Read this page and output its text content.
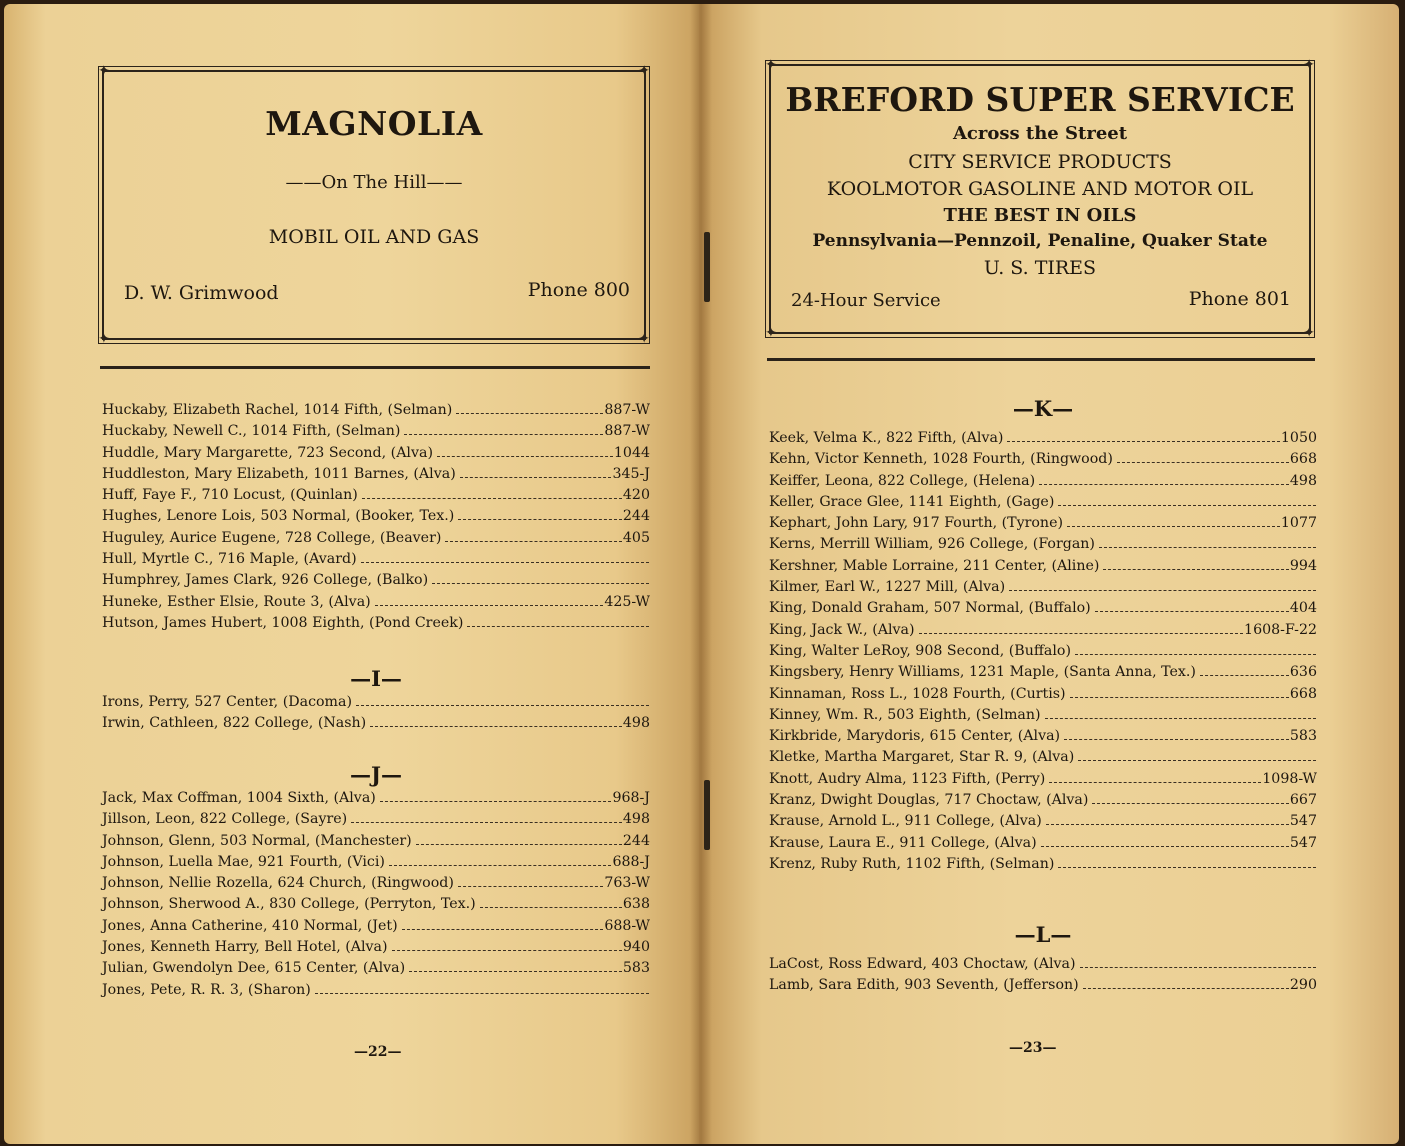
✦	✦
✦	✦
MAGNOLIA
——On The Hill——
MOBIL OIL AND GAS
D. W. Grimwood	Phone 800
Huckaby, Elizabeth Rachel, 1014 Fifth, (Selman)	887-W
Huckaby, Newell C., 1014 Fifth, (Selman)	887-W
Huddle, Mary Margarette, 723 Second, (Alva)	1044
Huddleston, Mary Elizabeth, 1011 Barnes, (Alva)	345-J
Huff, Faye F., 710 Locust, (Quinlan)	420
Hughes, Lenore Lois, 503 Normal, (Booker, Tex.)	244
Huguley, Aurice Eugene, 728 College, (Beaver)	405
Hull, Myrtle C., 716 Maple, (Avard)
Humphrey, James Clark, 926 College, (Balko)
Huneke, Esther Elsie, Route 3, (Alva)	425-W
Hutson, James Hubert, 1008 Eighth, (Pond Creek)
—I—
Irons, Perry, 527 Center, (Dacoma)
Irwin, Cathleen, 822 College, (Nash)	498
—J—
Jack, Max Coffman, 1004 Sixth, (Alva)	968-J
Jillson, Leon, 822 College, (Sayre)	498
Johnson, Glenn, 503 Normal, (Manchester)	244
Johnson, Luella Mae, 921 Fourth, (Vici)	688-J
Johnson, Nellie Rozella, 624 Church, (Ringwood)	763-W
Johnson, Sherwood A., 830 College, (Perryton, Tex.)	638
Jones, Anna Catherine, 410 Normal, (Jet)	688-W
Jones, Kenneth Harry, Bell Hotel, (Alva)	940
Julian, Gwendolyn Dee, 615 Center, (Alva)	583
Jones, Pete, R. R. 3, (Sharon)
—22—
✦	✦
✦	✦
BREFORD SUPER SERVICE
Across the Street
CITY SERVICE PRODUCTS
KOOLMOTOR GASOLINE AND MOTOR OIL
THE BEST IN OILS
Pennsylvania—Pennzoil, Penaline, Quaker State
U. S. TIRES
24-Hour Service	Phone 801
—K—
Keek, Velma K., 822 Fifth, (Alva)	1050
Kehn, Victor Kenneth, 1028 Fourth, (Ringwood)	668
Keiffer, Leona, 822 College, (Helena)	498
Keller, Grace Glee, 1141 Eighth, (Gage)
Kephart, John Lary, 917 Fourth, (Tyrone)	1077
Kerns, Merrill William, 926 College, (Forgan)
Kershner, Mable Lorraine, 211 Center, (Aline)	994
Kilmer, Earl W., 1227 Mill, (Alva)
King, Donald Graham, 507 Normal, (Buffalo)	404
King, Jack W., (Alva)	1608-F-22
King, Walter LeRoy, 908 Second, (Buffalo)
Kingsbery, Henry Williams, 1231 Maple, (Santa Anna, Tex.)	636
Kinnaman, Ross L., 1028 Fourth, (Curtis)	668
Kinney, Wm. R., 503 Eighth, (Selman)
Kirkbride, Marydoris, 615 Center, (Alva)	583
Kletke, Martha Margaret, Star R. 9, (Alva)
Knott, Audry Alma, 1123 Fifth, (Perry)	1098-W
Kranz, Dwight Douglas, 717 Choctaw, (Alva)	667
Krause, Arnold L., 911 College, (Alva)	547
Krause, Laura E., 911 College, (Alva)	547
Krenz, Ruby Ruth, 1102 Fifth, (Selman)
—L—
LaCost, Ross Edward, 403 Choctaw, (Alva)
Lamb, Sara Edith, 903 Seventh, (Jefferson)	290
—23—
